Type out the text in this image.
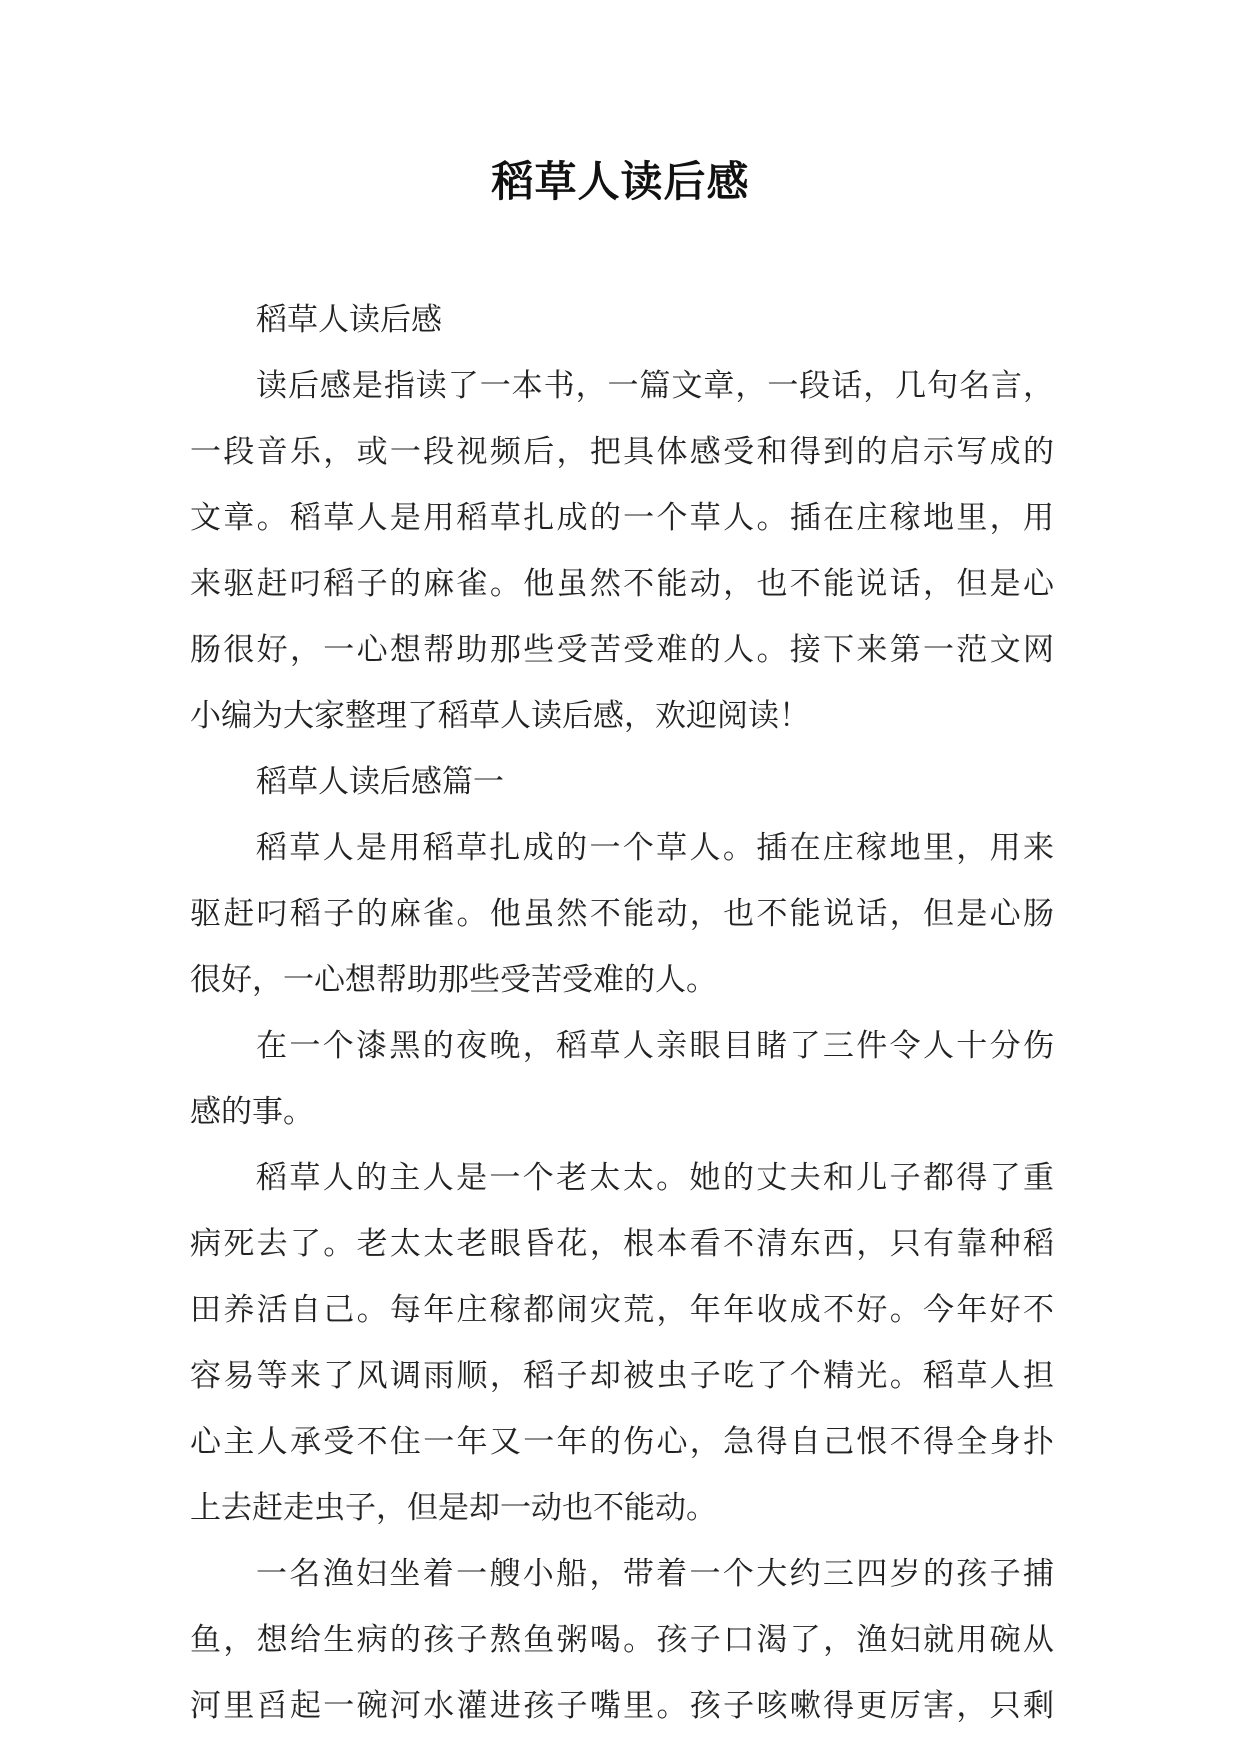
稻草人读后感
稻草人读后感
读后感是指读了一本书，一篇文章，一段话，几句名言，
一段音乐，或一段视频后，把具体感受和得到的启示写成的
文章。稻草人是用稻草扎成的一个草人。插在庄稼地里，用
来驱赶叼稻子的麻雀。他虽然不能动，也不能说话，但是心
肠很好，一心想帮助那些受苦受难的人。接下来第一范文网
小编为大家整理了稻草人读后感，欢迎阅读！
稻草人读后感篇一
稻草人是用稻草扎成的一个草人。插在庄稼地里，用来
驱赶叼稻子的麻雀。他虽然不能动，也不能说话，但是心肠
很好，一心想帮助那些受苦受难的人。
在一个漆黑的夜晚，稻草人亲眼目睹了三件令人十分伤
感的事。
稻草人的主人是一个老太太。她的丈夫和儿子都得了重
病死去了。老太太老眼昏花，根本看不清东西，只有靠种稻
田养活自己。每年庄稼都闹灾荒，年年收成不好。今年好不
容易等来了风调雨顺，稻子却被虫子吃了个精光。稻草人担
心主人承受不住一年又一年的伤心，急得自己恨不得全身扑
上去赶走虫子，但是却一动也不能动。
一名渔妇坐着一艘小船，带着一个大约三四岁的孩子捕
鱼，想给生病的孩子熬鱼粥喝。孩子口渴了，渔妇就用碗从
河里舀起一碗河水灌进孩子嘴里。孩子咳嗽得更厉害，只剩
